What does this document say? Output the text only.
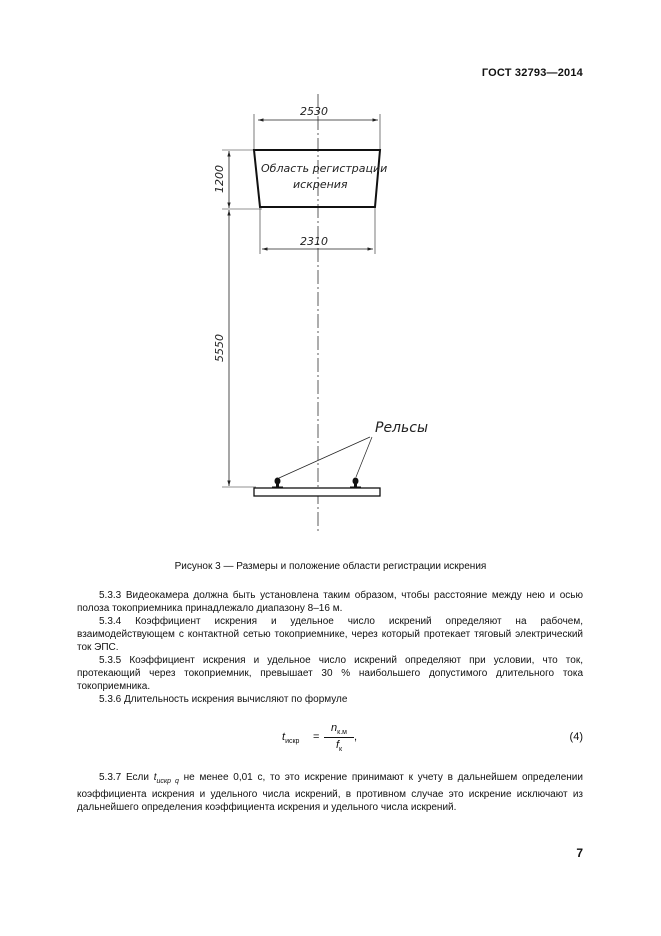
ГОСТ 32793—2014
2530
Область регистрации
искрения
1200
2310
5550
Рельсы
Рисунок 3 — Размеры и положение области регистрации искрения

5.3.3 Видеокамера должна быть установлена таким образом, чтобы расстояние между нею и осью полоза токоприемника принадлежало диапазону 8–16 м.

5.3.4 Коэффициент искрения и удельное число искрений определяют на рабочем, взаимодействующем с контактной сетью токоприемнике, через который протекает тяговый электрический ток ЭПС.

5.3.5 Коэффициент искрения и удельное число искрений определяют при условии, что ток, протекающий через токоприемник, превышает 30 % наибольшего допустимого длительного тока токоприемника.

5.3.6 Длительность искрения вычисляют по формуле

$t_{искр}$ =
$n_{к.м}$
$f_к$
,	(4)

5.3.7 Если $t_{искр q}$ не менее 0,01 с, то это искрение принимают к учету в дальнейшем определении коэффициента искрения и удельного числа искрений, в противном случае это искрение исключают из дальнейшего определения коэффициента искрения и удельного числа искрений.

7
